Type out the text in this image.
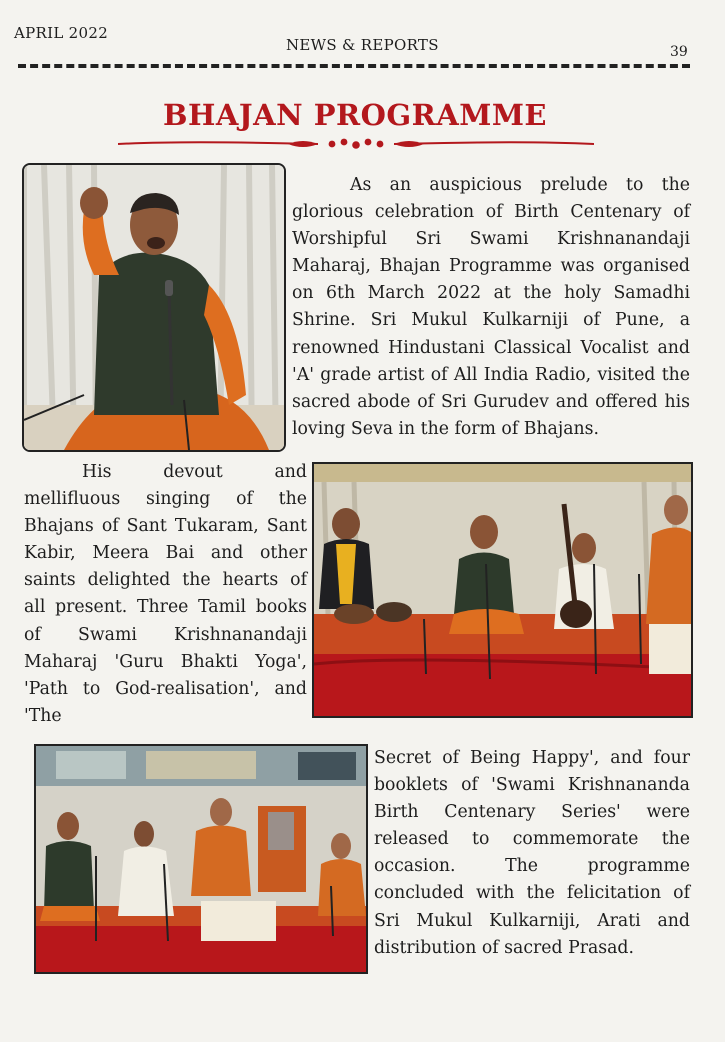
APRIL 2022
NEWS & REPORTS	39
BHAJAN PROGRAMME

As an auspicious prelude to the glorious celebration of Birth Centenary of Worshipful Sri Swami Krishnanandaji Maharaj, Bhajan Programme was organised on 6th March 2022 at the holy Samadhi Shrine. Sri Mukul Kulkarniji of Pune, a renowned Hindustani Classical Vocalist and 'A' grade artist of All India Radio, visited the sacred abode of Sri Gurudev and offered his loving Seva in the form of Bhajans.

His devout and mellifluous singing of the Bhajans of Sant Tukaram, Sant Kabir, Meera Bai and other saints delighted the hearts of all present. Three Tamil books of Swami Krishnanandaji Maharaj 'Guru Bhakti Yoga', 'Path to God-realisation', and 'The

Secret of Being Happy', and four booklets of 'Swami Krishnananda Birth Centenary Series' were released to commemorate the occasion. The programme concluded with the felicitation of Sri Mukul Kulkarniji, Arati and distribution of sacred Prasad.
